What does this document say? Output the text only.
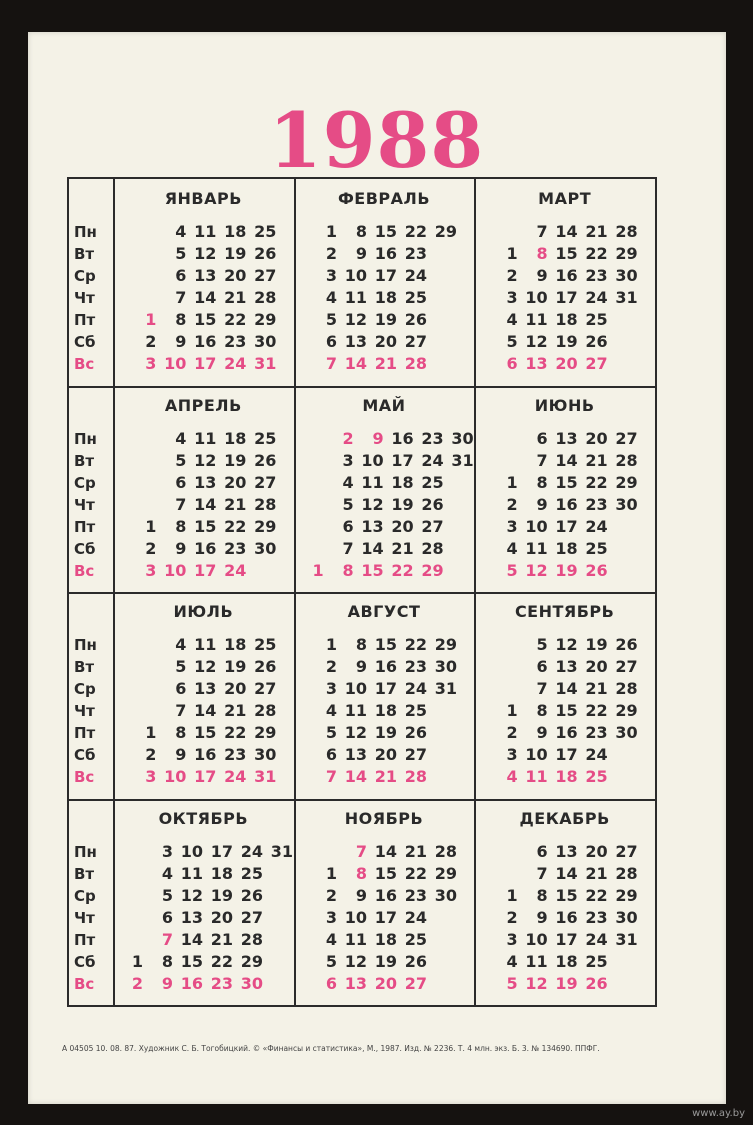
1988
Пн
Вт
Ср
Чт
Пт
Сб
Вс
ЯНВАРЬ
1
2
3
4
5
6
7
8
9
10
11
12
13
14
15
16
17
18
19
20
21
22
23
24
25
26
27
28
29
30
31
ФЕВРАЛЬ
1
2
3
4
5
6
7
8
9
10
11
12
13
14
15
16
17
18
19
20
21
22
23
24
25
26
27
28
29
МАРТ
1
2
3
4
5
6
7
8
9
10
11
12
13
14
15
16
17
18
19
20
21
22
23
24
25
26
27
28
29
30
31
Пн
Вт
Ср
Чт
Пт
Сб
Вс
АПРЕЛЬ
1
2
3
4
5
6
7
8
9
10
11
12
13
14
15
16
17
18
19
20
21
22
23
24
25
26
27
28
29
30
МАЙ
1
2
3
4
5
6
7
8
9
10
11
12
13
14
15
16
17
18
19
20
21
22
23
24
25
26
27
28
29
30
31
ИЮНЬ
1
2
3
4
5
6
7
8
9
10
11
12
13
14
15
16
17
18
19
20
21
22
23
24
25
26
27
28
29
30
Пн
Вт
Ср
Чт
Пт
Сб
Вс
ИЮЛЬ
1
2
3
4
5
6
7
8
9
10
11
12
13
14
15
16
17
18
19
20
21
22
23
24
25
26
27
28
29
30
31
АВГУСТ
1
2
3
4
5
6
7
8
9
10
11
12
13
14
15
16
17
18
19
20
21
22
23
24
25
26
27
28
29
30
31
СЕНТЯБРЬ
1
2
3
4
5
6
7
8
9
10
11
12
13
14
15
16
17
18
19
20
21
22
23
24
25
26
27
28
29
30
Пн
Вт
Ср
Чт
Пт
Сб
Вс
ОКТЯБРЬ
1
2
3
4
5
6
7
8
9
10
11
12
13
14
15
16
17
18
19
20
21
22
23
24
25
26
27
28
29
30
31
НОЯБРЬ
1
2
3
4
5
6
7
8
9
10
11
12
13
14
15
16
17
18
19
20
21
22
23
24
25
26
27
28
29
30
ДЕКАБРЬ
1
2
3
4
5
6
7
8
9
10
11
12
13
14
15
16
17
18
19
20
21
22
23
24
25
26
27
28
29
30
31
А 04505 10. 08. 87. Художник С. Б. Тогобицкий. © «Финансы и статистика», М., 1987. Изд. № 2236. Т. 4 млн. экз. Б. 3. № 134690. ППФГ.
www.ay.by
